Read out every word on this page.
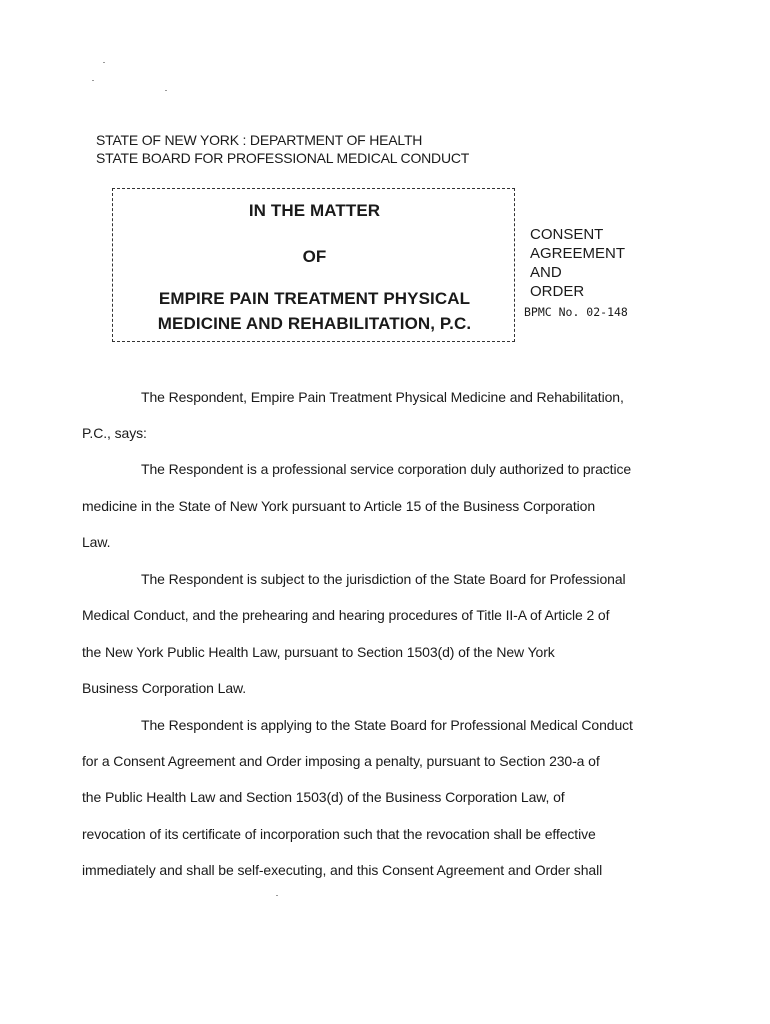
STATE OF NEW YORK : DEPARTMENT OF HEALTH
STATE BOARD FOR PROFESSIONAL MEDICAL CONDUCT
IN THE MATTER
OF
EMPIRE PAIN TREATMENT PHYSICAL
MEDICINE AND REHABILITATION, P.C.
CONSENT
AGREEMENT
AND
ORDER
BPMC No. 02-148
The Respondent, Empire Pain Treatment Physical Medicine and Rehabilitation,
P.C., says:
The Respondent is a professional service corporation duly authorized to practice
medicine in the State of New York pursuant to Article 15 of the Business Corporation
Law.
The Respondent is subject to the jurisdiction of the State Board for Professional
Medical Conduct, and the prehearing and hearing procedures of Title II-A of Article 2 of
the New York Public Health Law, pursuant to Section 1503(d) of the New York
Business Corporation Law.
The Respondent is applying to the State Board for Professional Medical Conduct
for a Consent Agreement and Order imposing a penalty, pursuant to Section 230-a of
the Public Health Law and Section 1503(d) of the Business Corporation Law, of
revocation of its certificate of incorporation such that the revocation shall be effective
immediately and shall be self-executing, and this Consent Agreement and Order shall
